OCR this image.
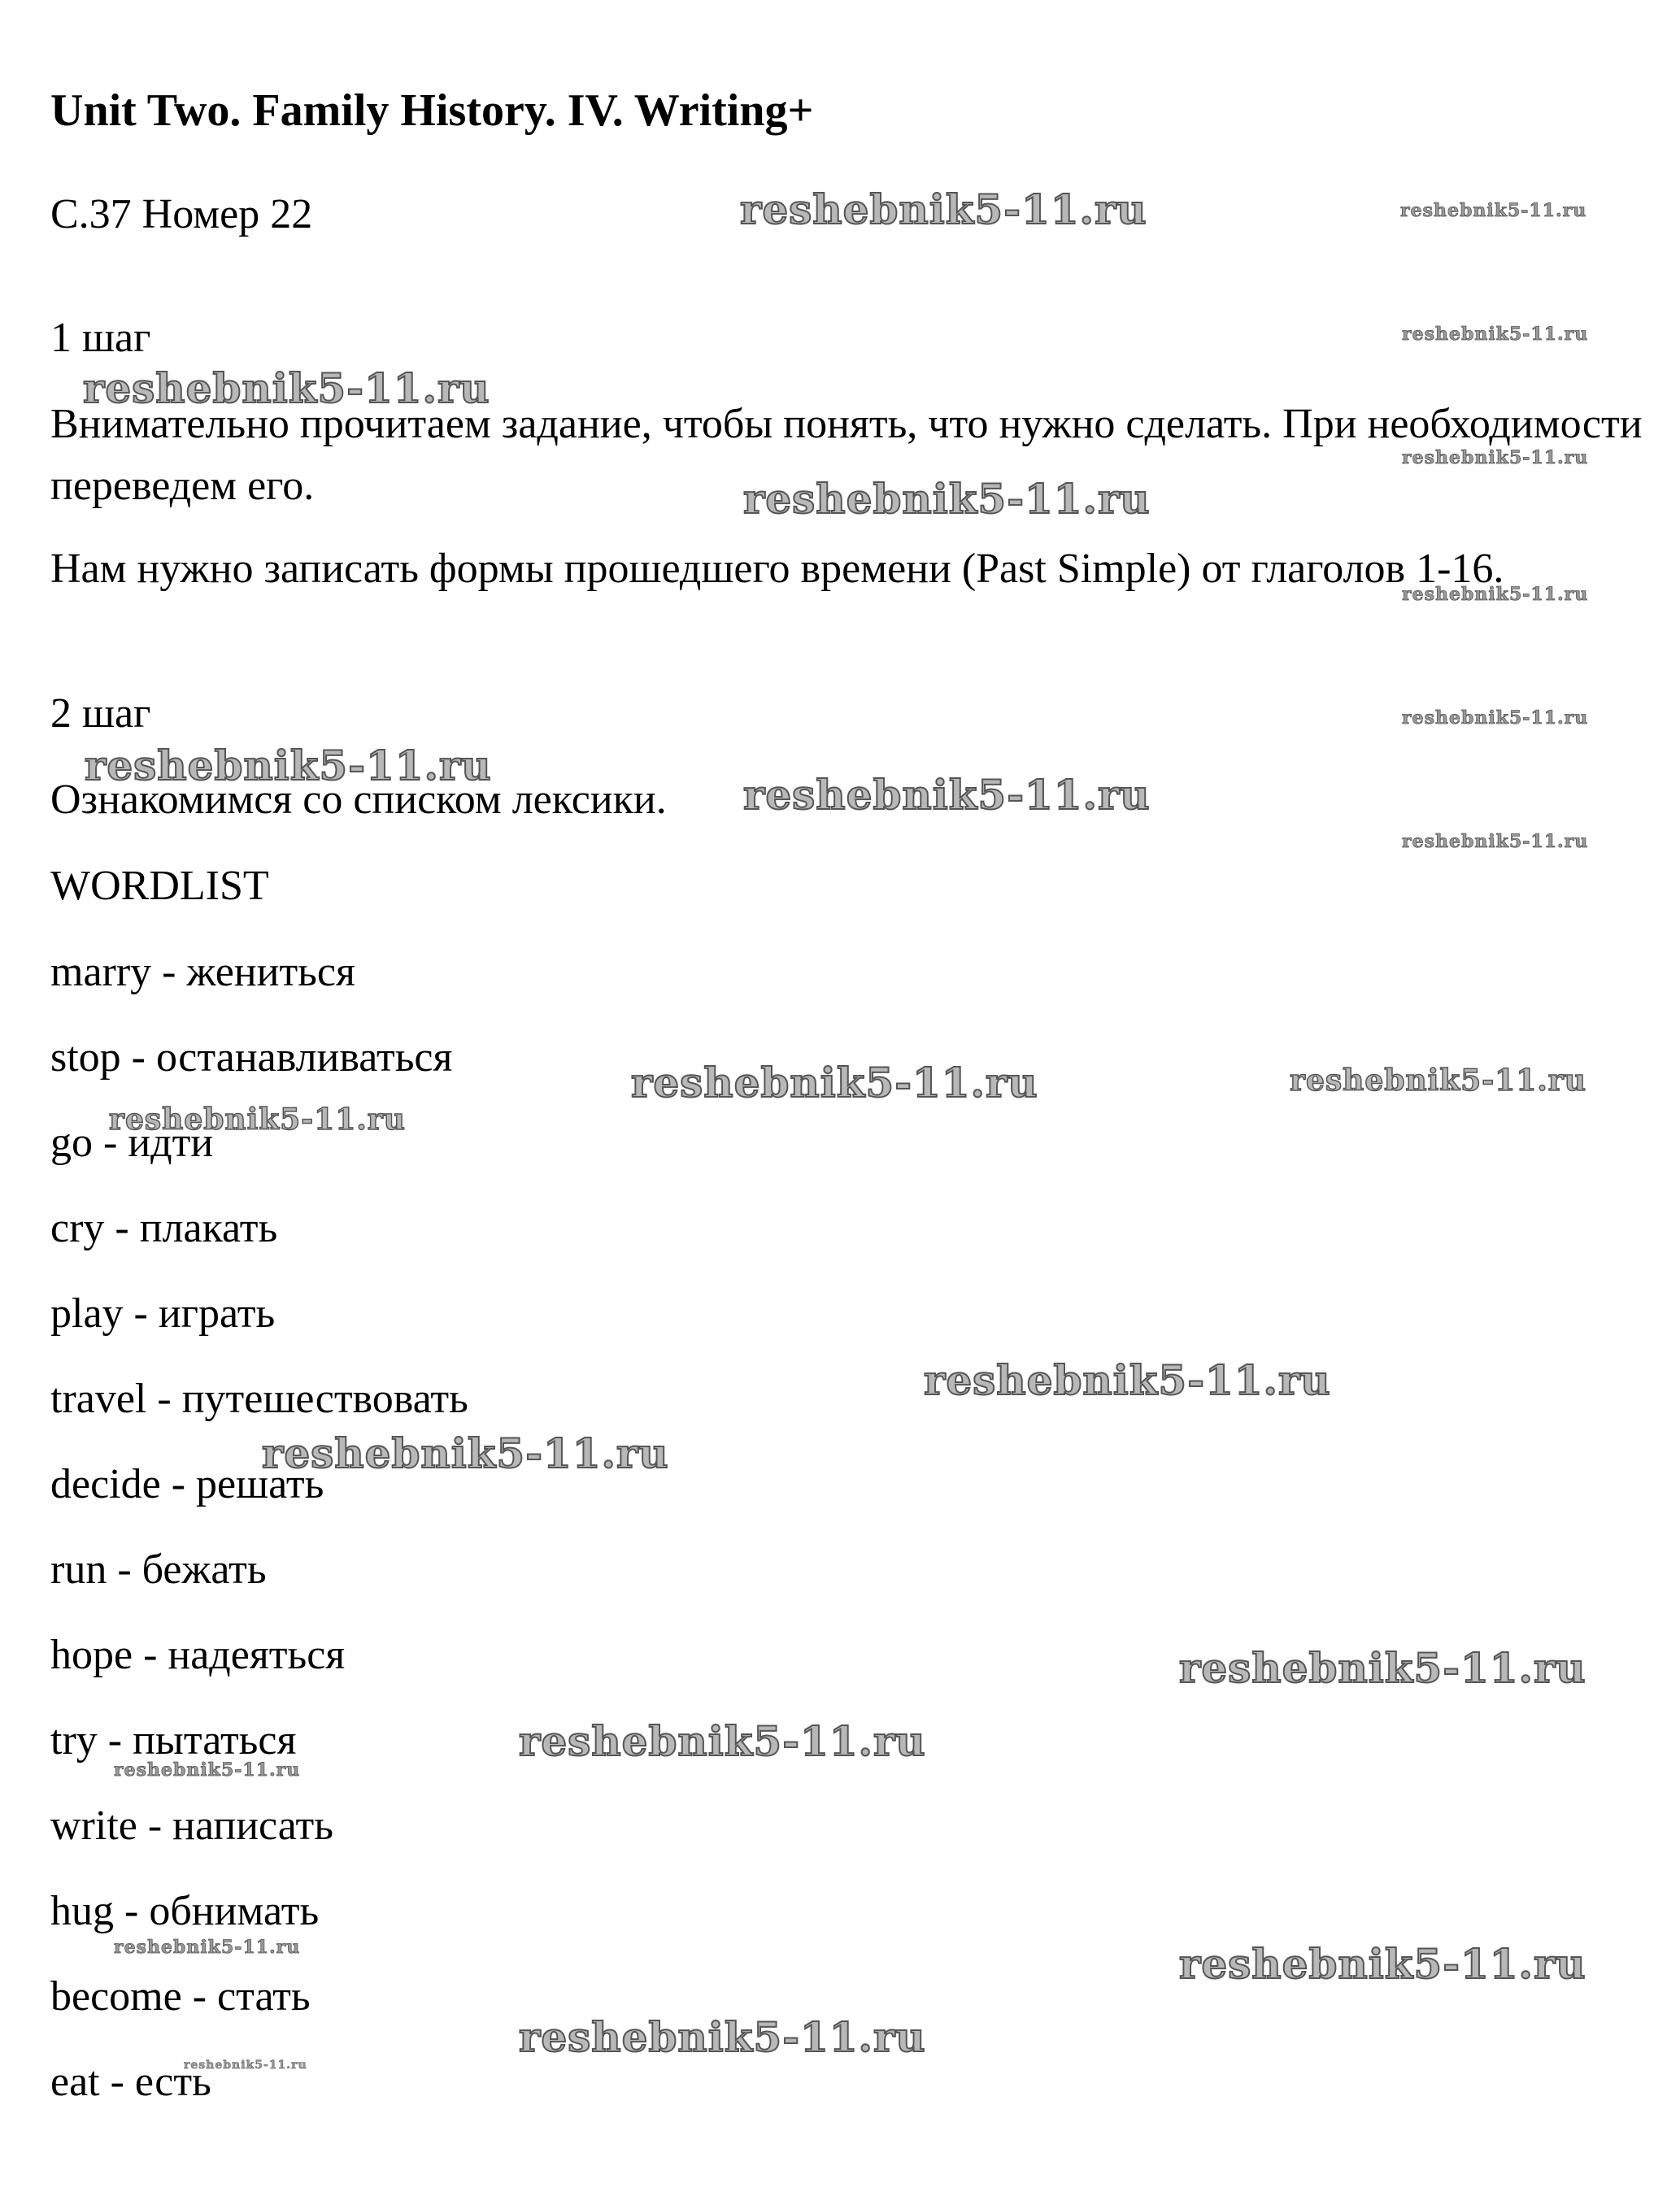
Unit Two. Family History. IV. Writing+

С.37 Номер 22

1 шаг

Внимательно прочитаем задание, чтобы понять, что нужно сделать. При необходимости переведем его.

Нам нужно записать формы прошедшего времени (Past Simple) от глаголов 1-16.

2 шаг

Ознакомимся со списком лексики.

WORDLIST

marry - жениться

stop - останавливаться

go - идти

cry - плакать

play - играть

travel - путешествовать

decide - решать

run - бежать

hope - надеяться

try - пытаться

write - написать

hug - обнимать

become - стать

eat - есть

reshebnik5-11.ru	reshebnik5-11.ru
reshebnik5-11.ru
reshebnik5-11.ru
reshebnik5-11.ru
reshebnik5-11.ru
reshebnik5-11.ru
reshebnik5-11.ru
reshebnik5-11.ru
reshebnik5-11.ru
reshebnik5-11.ru
reshebnik5-11.ru	reshebnik5-11.ru
reshebnik5-11.ru
reshebnik5-11.ru
reshebnik5-11.ru
reshebnik5-11.ru
reshebnik5-11.ru
reshebnik5-11.ru
reshebnik5-11.ru	reshebnik5-11.ru
reshebnik5-11.ru
reshebnik5-11.ru
